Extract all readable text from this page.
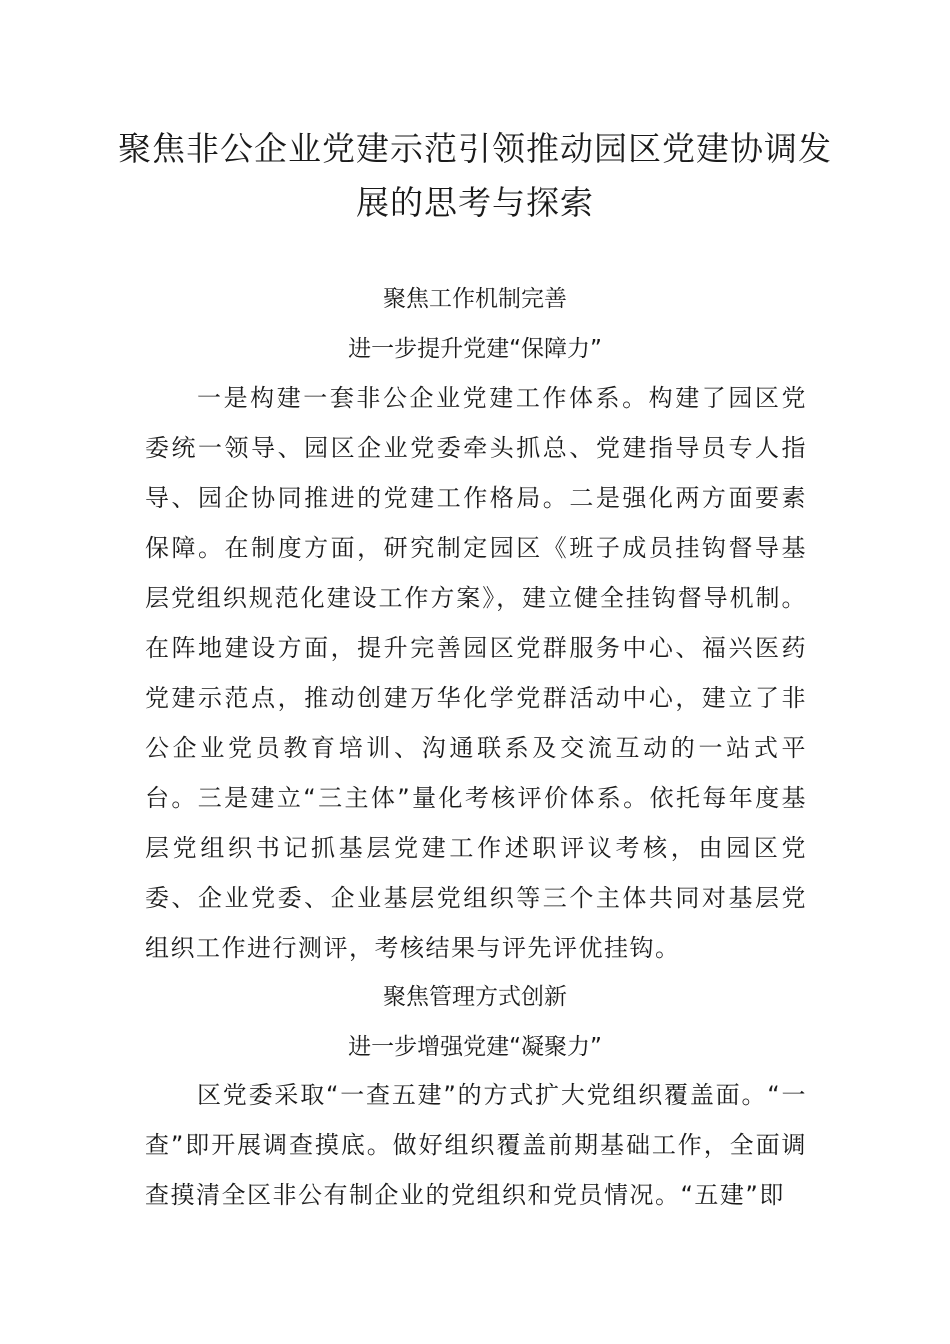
聚焦非公企业党建示范引领推动园区党建协调发
展的思考与探索

聚焦工作机制完善

进一步提升党建“保障力”

一是构建一套非公企业党建工作体系。构建了园区党委统一领导、园区企业党委牵头抓总、党建指导员专人指导、园企协同推进的党建工作格局。二是强化两方面要素保障。在制度方面，研究制定园区《班子成员挂钩督导基层党组织规范化建设工作方案》，建立健全挂钩督导机制。在阵地建设方面，提升完善园区党群服务中心、福兴医药党建示范点，推动创建万华化学党群活动中心，建立了非公企业党员教育培训、沟通联系及交流互动的一站式平台。三是建立“三主体”量化考核评价体系。依托每年度基层党组织书记抓基层党建工作述职评议考核，由园区党委、企业党委、企业基层党组织等三个主体共同对基层党组织工作进行测评，考核结果与评先评优挂钩。

聚焦管理方式创新

进一步增强党建“凝聚力”

区党委采取“一查五建”的方式扩大党组织覆盖面。“一查”即开展调查摸底。做好组织覆盖前期基础工作，全面调查摸清全区非公有制企业的党组织和党员情况。“五建”即
